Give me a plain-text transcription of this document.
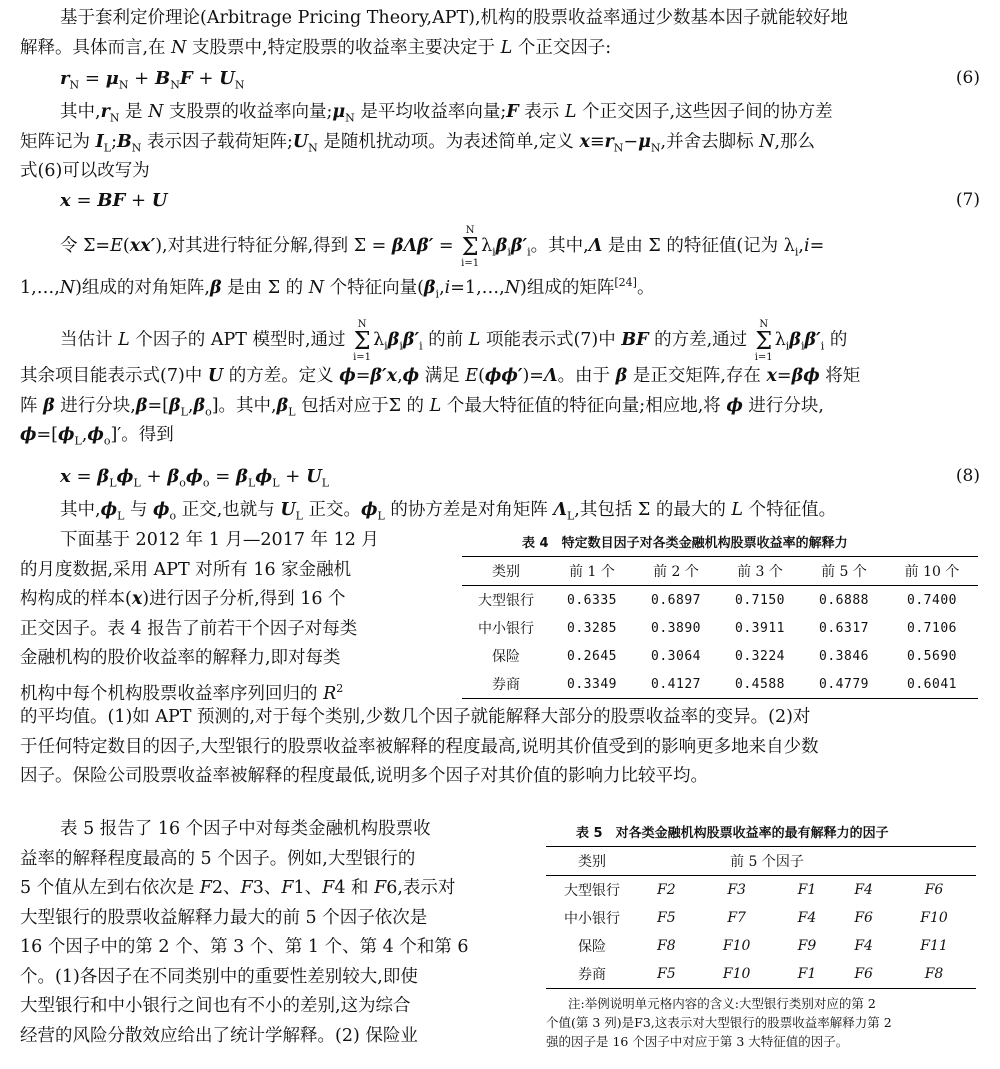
基于套利定价理论(Arbitrage Pricing Theory,APT),机构的股票收益率通过少数基本因子就能较好地
解释。具体而言,在 N 支股票中,特定股票的收益率主要决定于 L 个正交因子:
$r_N = \mu_N + B_NF + U_N$	(6)
其中$,r_N$ 是 N 支股票的收益率向量$;\mu_N$ 是平均收益率向量;F 表示 L 个正交因子,这些因子间的协方差
矩阵记为 $I_L;B_N$ 表示因子载荷矩阵$;U_N$ 是随机扰动项。为表述简单,定义 $x\equiv r_N-\mu_N$,并舍去脚标 N,那么
式(6)可以改写为
x = BF + U	(7)
令 Σ=E(xx′),对其进行特征分解,得到 Σ = βΛβ′ = N
Σ
$i=1\lambda_i\beta_i\beta'_i$。其中,Λ 是由 Σ 的特征值(记为 $\lambda_i,i=$
1,…,N)组成的对角矩阵,β 是由 Σ 的 N 个特征向量$(\beta_i,i=1,\dots,N)$组成的矩阵[24]。
当估计 L 个因子的 APT 模型时,通过 N
Σ
$i=1\lambda_i\beta_i\beta'_i$ 的前 L 项能表示式(7)中 BF 的方差,通过 N
Σ
$i=1\lambda_i\beta_i\beta'_i$ 的
其余项目能表示式(7)中 U 的方差。定义 ϕ=β′x,ϕ 满足 E(ϕϕ′)=Λ。由于 β 是正交矩阵,存在 x=βϕ 将矩
阵 β 进行分块$,\beta=[\beta_L,\beta_o]$。其中$,\beta_L$ 包括对应于Σ 的 L 个最大特征值的特征向量;相应地,将 ϕ 进行分块,
$\phi=[\phi_L,\phi_o]'$。得到
$x = \beta_L\phi_L + \beta_o\phi_o = \beta_L\phi_L + U_L$	(8)
其中$,\phi_L$ 与 $\phi_o$ 正交,也就与 $U_L$ 正交。$\phi_L$ 的协方差是对角矩阵 $\Lambda_L$,其包括 Σ 的最大的 L 个特征值。
下面基于 2012 年 1 月—2017 年 12 月
的月度数据,采用 APT 对所有 16 家金融机
构构成的样本(x)进行因子分析,得到 16 个
正交因子。表 4 报告了前若干个因子对每类
金融机构的股价收益率的解释力,即对每类
机构中每个机构股票收益率序列回归的 $R^2$
表 4　特定数目因子对各类金融机构股票收益率的解释力
类别	前 1 个	前 2 个	前 3 个	前 5 个	前 10 个
大型银行	0.6335	0.6897	0.7150	0.6888	0.7400
中小银行	0.3285	0.3890	0.3911	0.6317	0.7106
保险	0.2645	0.3064	0.3224	0.3846	0.5690
券商	0.3349	0.4127	0.4588	0.4779	0.6041
的平均值。(1)如 APT 预测的,对于每个类别,少数几个因子就能解释大部分的股票收益率的变异。(2)对
于任何特定数目的因子,大型银行的股票收益率被解释的程度最高,说明其价值受到的影响更多地来自少数
因子。保险公司股票收益率被解释的程度最低,说明多个因子对其价值的影响力比较平均。
表 5 报告了 16 个因子中对每类金融机构股票收
益率的解释程度最高的 5 个因子。例如,大型银行的
5 个值从左到右依次是 F2、F3、F1、F4 和 F6,表示对
大型银行的股票收益解释力最大的前 5 个因子依次是
16 个因子中的第 2 个、第 3 个、第 1 个、第 4 个和第 6
个。(1)各因子在不同类别中的重要性差别较大,即使
大型银行和中小银行之间也有不小的差别,这为综合
经营的风险分散效应给出了统计学解释。(2) 保险业
表 5　对各类金融机构股票收益率的最有解释力的因子
类别	前 5 个因子				
大型银行	F2	F3	F1	F4	F6
中小银行	F5	F7	F4	F6	F10
保险	F8	F10	F9	F4	F11
券商	F5	F10	F1	F6	F8
注:举例说明单元格内容的含义:大型银行类别对应的第 2
个值(第 3 列)是F3,这表示对大型银行的股票收益率解释力第 2
强的因子是 16 个因子中对应于第 3 大特征值的因子。
